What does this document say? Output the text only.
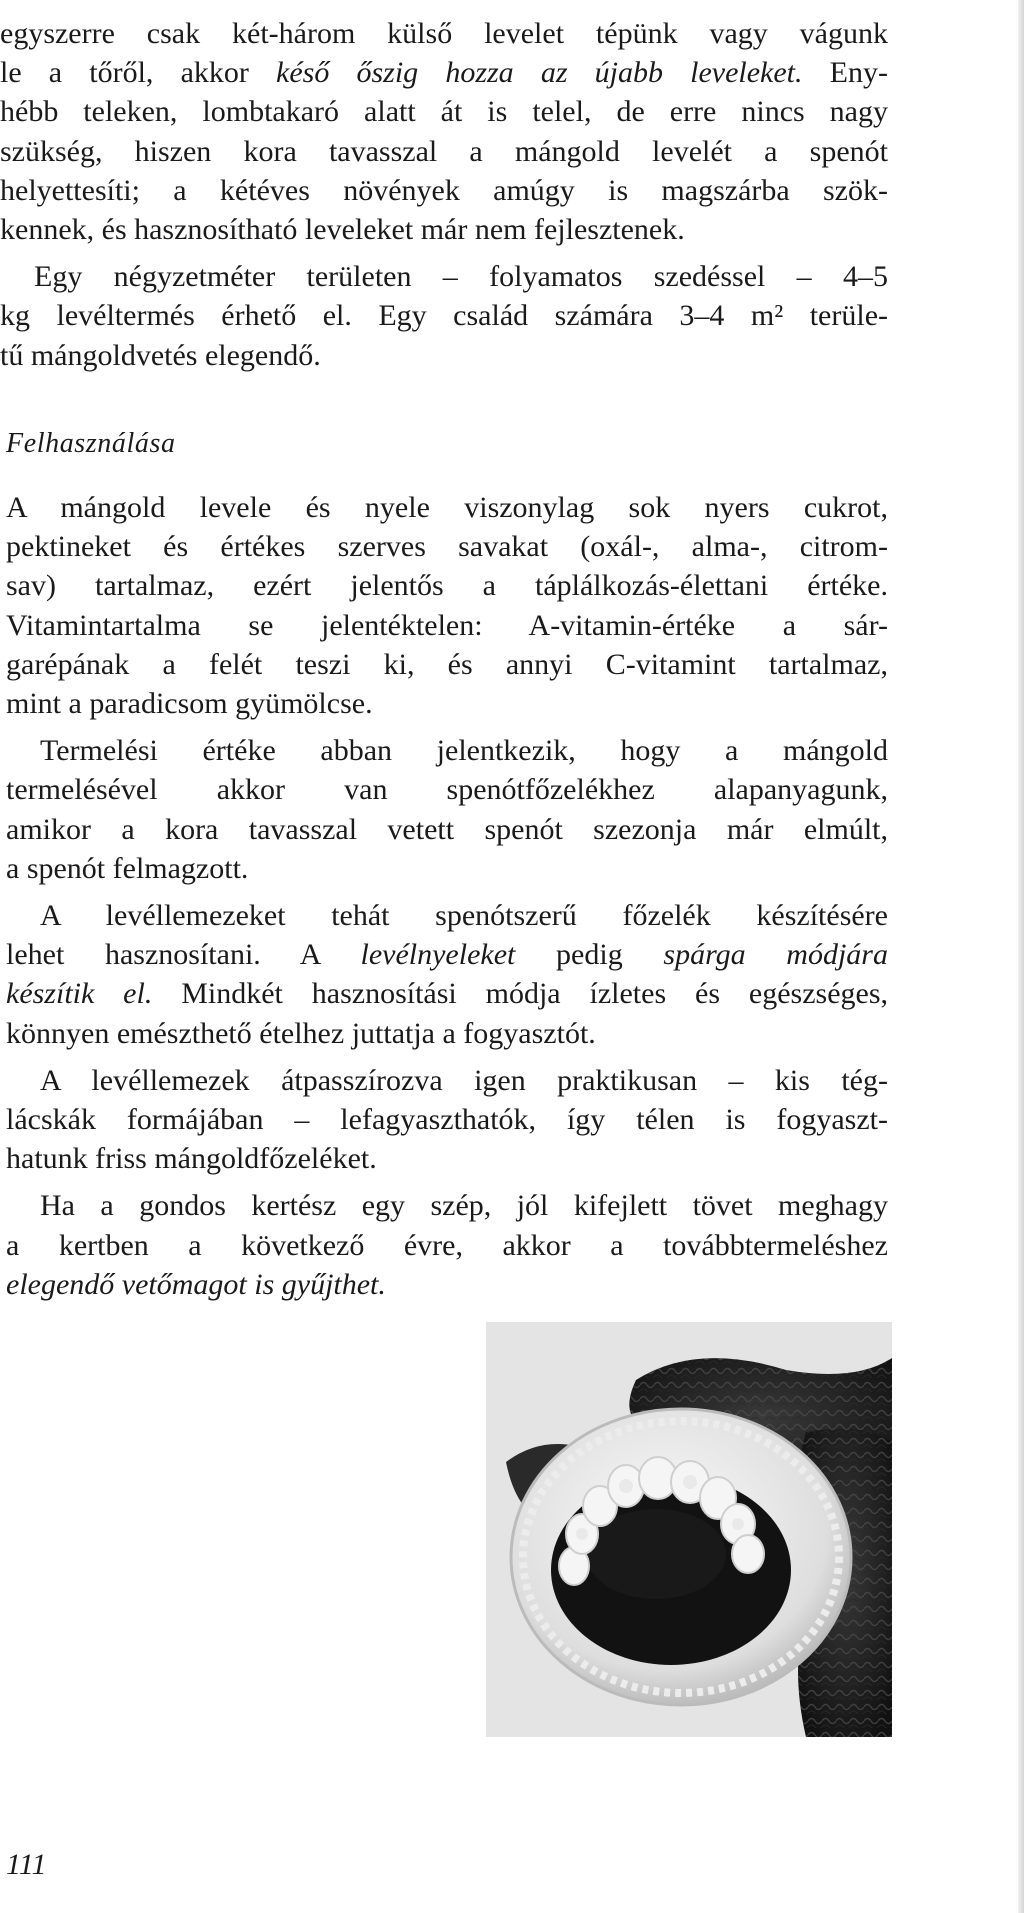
egyszerre csak két-három külső levelet tépünk vagy vágunk
le a tőről, akkor késő őszig hozza az újabb leveleket. Eny-
hébb teleken, lombtakaró alatt át is telel, de erre nincs nagy
szükség, hiszen kora tavasszal a mángold levelét a spenót
helyettesíti; a kétéves növények amúgy is magszárba szök-
kennek, és hasznosítható leveleket már nem fejlesztenek.
Egy négyzetméter területen – folyamatos szedéssel – 4–5
kg levéltermés érhető el. Egy család számára 3–4 m² terüle-
tű mángoldvetés elegendő.
Felhasználása
A mángold levele és nyele viszonylag sok nyers cukrot,
pektineket és értékes szerves savakat (oxál-, alma-, citrom-
sav) tartalmaz, ezért jelentős a táplálkozás-élettani értéke.
Vitamintartalma se jelentéktelen: A-vitamin-értéke a sár-
garépának a felét teszi ki, és annyi C-vitamint tartalmaz,
mint a paradicsom gyümölcse.
Termelési értéke abban jelentkezik, hogy a mángold
termelésével akkor van spenótfőzelékhez alapanyagunk,
amikor a kora tavasszal vetett spenót szezonja már elmúlt,
a spenót felmagzott.
A levéllemezeket tehát spenótszerű főzelék készítésére
lehet hasznosítani. A levélnyeleket pedig spárga módjára
készítik el. Mindkét hasznosítási módja ízletes és egészséges,
könnyen emészthető ételhez juttatja a fogyasztót.
A levéllemezek átpasszírozva igen praktikusan – kis tég-
lácskák formájában – lefagyaszthatók, így télen is fogyaszt-
hatunk friss mángoldfőzeléket.
Ha a gondos kertész egy szép, jól kifejlett tövet meghagy
a kertben a következő évre, akkor a továbbtermeléshez
elegendő vetőmagot is gyűjthet.
111
